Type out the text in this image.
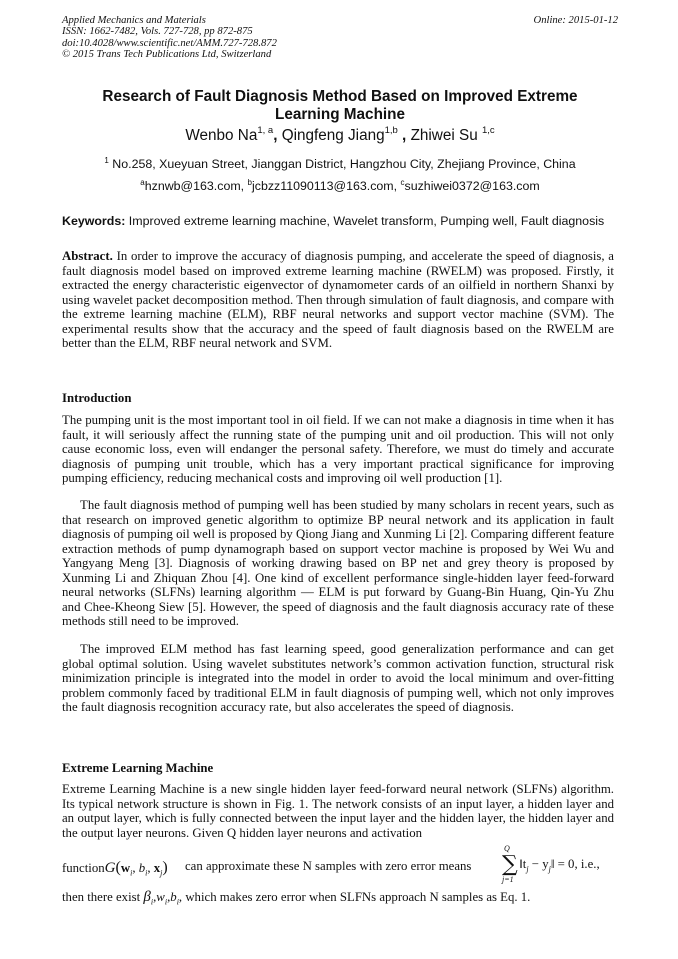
Applied Mechanics and Materials
ISSN: 1662-7482, Vols. 727-728, pp 872-875
doi:10.4028/www.scientific.net/AMM.727-728.872
© 2015 Trans Tech Publications Ltd, Switzerland
Online: 2015-01-12
Research of Fault Diagnosis Method Based on Improved Extreme
Learning Machine
Wenbo Na$^{1, a}$, Qingfeng Jiang$^{1,b}$ , Zhiwei Su $^{1,c}$
$^1$ No.258, Xueyuan Street, Jianggan District, Hangzhou City, Zhejiang Province, China
$^a$hznwb@163.com, $^b$jcbzz11090113@163.com, $^c$suzhiwei0372@163.com
Keywords: Improved extreme learning machine, Wavelet transform, Pumping well, Fault diagnosis
Abstract. In order to improve the accuracy of diagnosis pumping, and accelerate the speed of diagnosis, a fault diagnosis model based on improved extreme learning machine (RWELM) was proposed. Firstly, it extracted the energy characteristic eigenvector of dynamometer cards of an oilfield in northern Shanxi by using wavelet packet decomposition method. Then through simulation of fault diagnosis, and compare with the extreme learning machine (ELM), RBF neural networks and support vector machine (SVM). The experimental results show that the accuracy and the speed of fault diagnosis based on the RWELM are better than the ELM, RBF neural network and SVM.
Introduction
The pumping unit is the most important tool in oil field. If we can not make a diagnosis in time when it has fault, it will seriously affect the running state of the pumping unit and oil production. This will not only cause economic loss, even will endanger the personal safety. Therefore, we must do timely and accurate diagnosis of pumping unit trouble, which has a very important practical significance for improving pumping efficiency, reducing mechanical costs and improving oil well production [1].
The fault diagnosis method of pumping well has been studied by many scholars in recent years, such as that research on improved genetic algorithm to optimize BP neural network and its application in fault diagnosis of pumping oil well is proposed by Qiong Jiang and Xunming Li [2]. Comparing different feature extraction methods of pump dynamograph based on support vector machine is proposed by Wei Wu and Yangyang Meng [3]. Diagnosis of working drawing based on BP net and grey theory is proposed by Xunming Li and Zhiquan Zhou [4]. One kind of excellent performance single-hidden layer feed-forward neural networks (SLFNs) learning algorithm — ELM is put forward by Guang-Bin Huang, Qin-Yu Zhu and Chee-Kheong Siew [5]. However, the speed of diagnosis and the fault diagnosis accuracy rate of these methods still need to be improved.
The improved ELM method has fast learning speed, good generalization performance and can get global optimal solution. Using wavelet substitutes network’s common activation function, structural risk minimization principle is integrated into the model in order to avoid the local minimum and over-fitting problem commonly faced by traditional ELM in fault diagnosis of pumping well, which not only improves the fault diagnosis recognition accuracy rate, but also accelerates the speed of diagnosis.
Extreme Learning Machine
Extreme Learning Machine is a new single hidden layer feed-forward neural network (SLFNs) algorithm. Its typical network structure is shown in Fig. 1. The network consists of an input layer, a hidden layer and an output layer, which is fully connected between the input layer and the hidden layer, the hidden layer and the output layer neurons. Given Q hidden layer neurons and activation
$functionG(w_i$, $b_i$, $x_j$) can approximate these N samples with zero error means
Q
∑
j=1
$‖t_j$ − $y_j‖ = 0$, i.e.,
then there exist $\beta_i,w_i,b_i$, which makes zero error when SLFNs approach N samples as Eq. 1.
